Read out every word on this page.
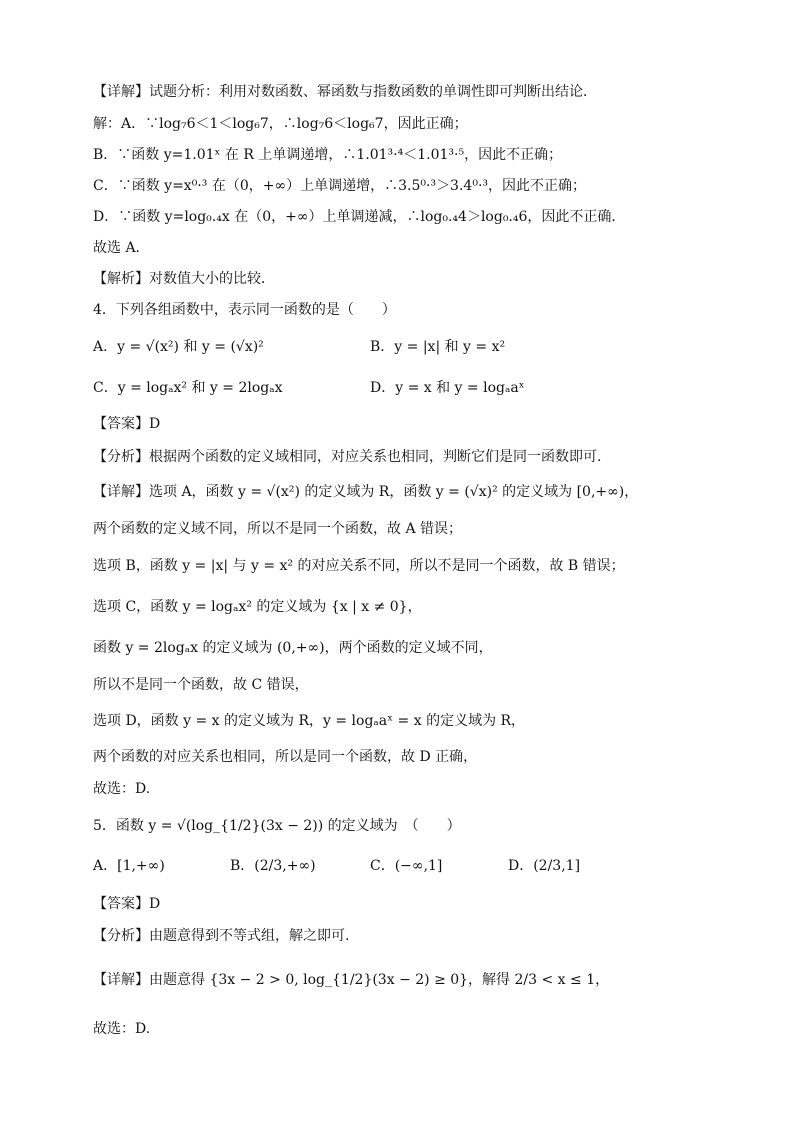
【详解】试题分析：利用对数函数、幂函数与指数函数的单调性即可判断出结论．
解：A．∵log₇6＜1＜log₆7，∴log₇6＜log₆7，因此正确；
B．∵函数 y=1.01ˣ 在 R 上单调递增，∴1.01³·⁴＜1.01³·⁵，因此不正确；
C．∵函数 y=x⁰·³ 在（0，+∞）上单调递增，∴3.5⁰·³＞3.4⁰·³，因此不正确；
D．∵函数 y=log₀.₄x 在（0，+∞）上单调递减，∴log₀.₄4＞log₀.₄6，因此不正确．
故选 A．
【解析】对数值大小的比较．
4．下列各组函数中，表示同一函数的是（　　）
A．y = √(x²) 和 y = (√x)²	B．y = |x| 和 y = x²
C．y = logₐx² 和 y = 2logₐx	D．y = x 和 y = logₐaˣ
【答案】D
【分析】根据两个函数的定义域相同，对应关系也相同，判断它们是同一函数即可.
【详解】选项 A，函数 y = √(x²) 的定义域为 R，函数 y = (√x)² 的定义域为 [0,+∞)，
两个函数的定义域不同，所以不是同一个函数，故 A 错误；
选项 B，函数 y = |x| 与 y = x² 的对应关系不同，所以不是同一个函数，故 B 错误；
选项 C，函数 y = logₐx² 的定义域为 {x | x ≠ 0}，
函数 y = 2logₐx 的定义域为 (0,+∞)，两个函数的定义域不同，
所以不是同一个函数，故 C 错误，
选项 D，函数 y = x 的定义域为 R，y = logₐaˣ = x 的定义域为 R，
两个函数的对应关系也相同，所以是同一个函数，故 D 正确，
故选：D.
5．函数 y = √(log_{1/2}(3x − 2)) 的定义域为　（　　）
A．[1,+∞)	B．(2/3,+∞)	C．(−∞,1]	D．(2/3,1]
【答案】D
【分析】由题意得到不等式组，解之即可.
【详解】由题意得 {3x − 2 > 0, log_{1/2}(3x − 2) ≥ 0}，解得 2/3 < x ≤ 1，
故选：D.
